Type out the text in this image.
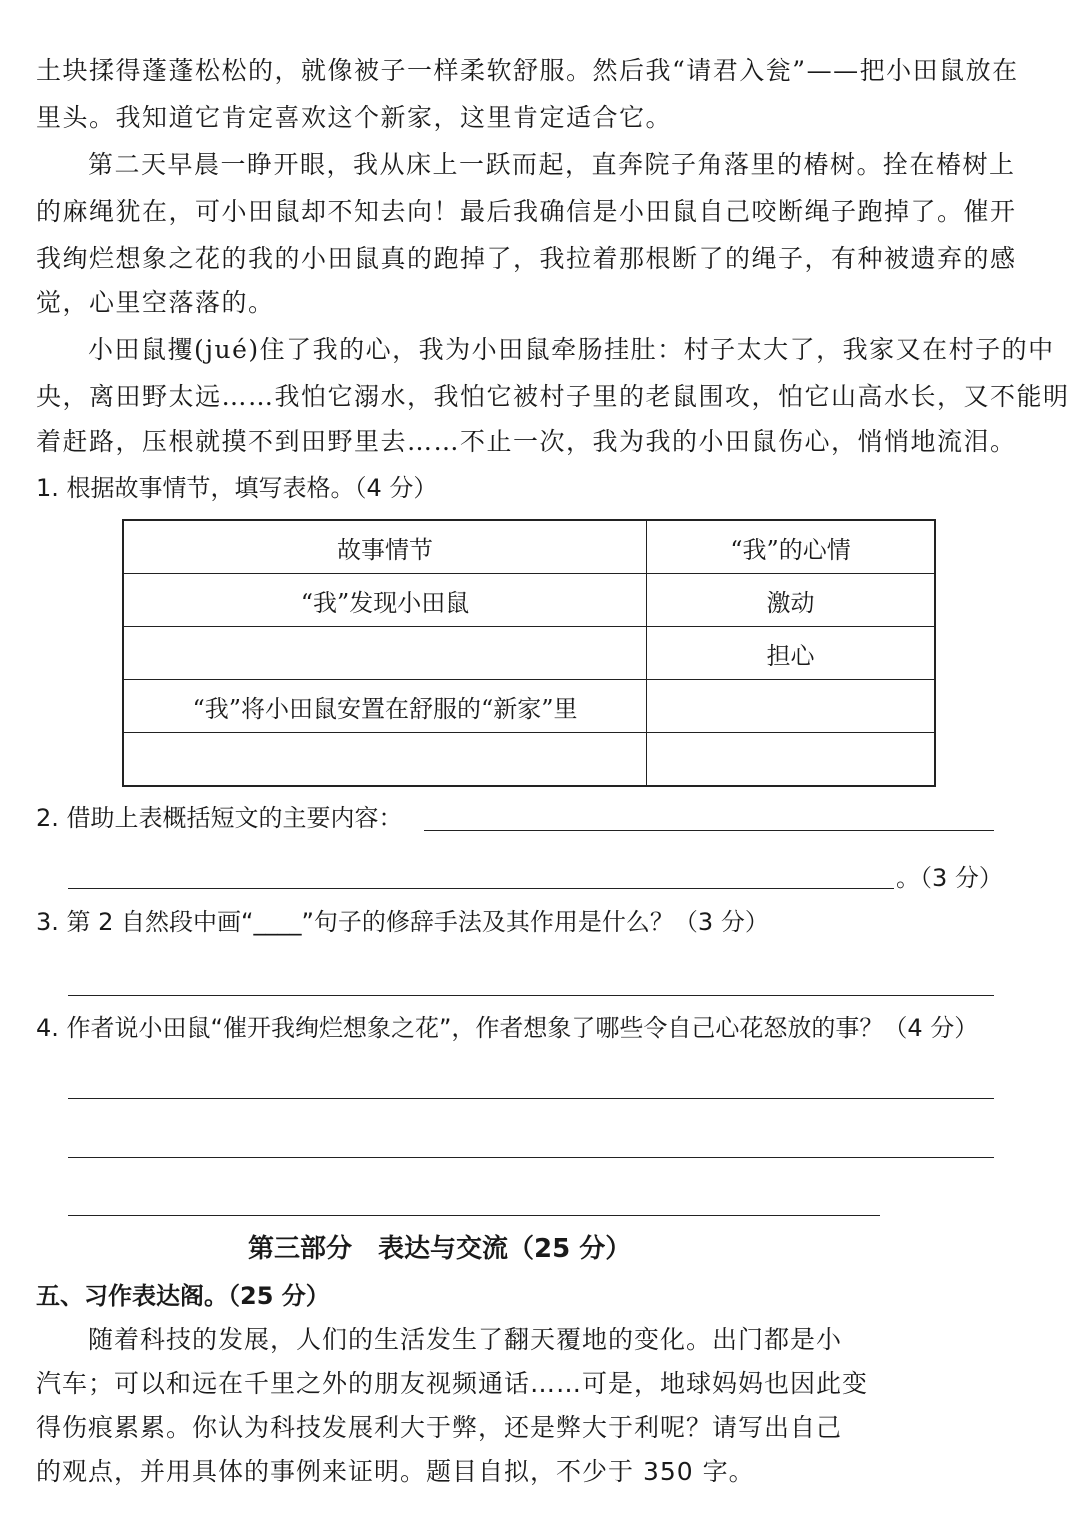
土块揉得蓬蓬松松的，就像被子一样柔软舒服。然后我“请君入瓮”——把小田鼠放在
里头。我知道它肯定喜欢这个新家，这里肯定适合它。
第二天早晨一睁开眼，我从床上一跃而起，直奔院子角落里的椿树。拴在椿树上
的麻绳犹在，可小田鼠却不知去向！最后我确信是小田鼠自己咬断绳子跑掉了。催开
我绚烂想象之花的我的小田鼠真的跑掉了，我拉着那根断了的绳子，有种被遗弃的感
觉，心里空落落的。
小田鼠攫(jué)住了我的心，我为小田鼠牵肠挂肚：村子太大了，我家又在村子的中
央，离田野太远……我怕它溺水，我怕它被村子里的老鼠围攻，怕它山高水长，又不能明
着赶路，压根就摸不到田野里去……不止一次，我为我的小田鼠伤心，悄悄地流泪。
1. 根据故事情节，填写表格。（4 分）
故事情节	“我”的心情
“我”发现小田鼠	激动
	担心
“我”将小田鼠安置在舒服的“新家”里	

2. 借助上表概括短文的主要内容：
。（3 分）
3. 第 2 自然段中画“____”句子的修辞手法及其作用是什么？（3 分）
4. 作者说小田鼠“催开我绚烂想象之花”，作者想象了哪些令自己心花怒放的事？（4 分）
第三部分　表达与交流（25 分）
五、习作表达阁。（25 分）
随着科技的发展，人们的生活发生了翻天覆地的变化。出门都是小
汽车；可以和远在千里之外的朋友视频通话……可是，地球妈妈也因此变
得伤痕累累。你认为科技发展利大于弊，还是弊大于利呢？请写出自己
的观点，并用具体的事例来证明。题目自拟，不少于 350 字。
